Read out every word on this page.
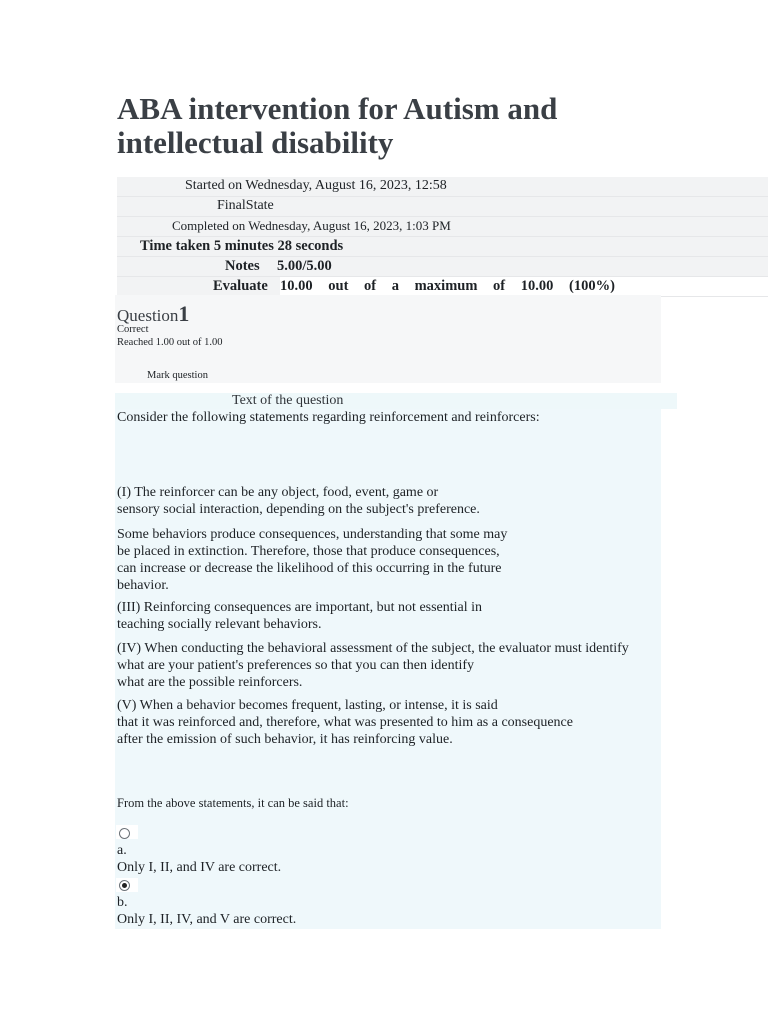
ABA intervention for Autism and intellectual disability
Started on Wednesday, August 16, 2023, 12:58
FinalState
Completed on Wednesday, August 16, 2023, 1:03 PM
Time taken 5 minutes 28 seconds
Notes 5.00/5.00
Evaluate 10.00 out of a maximum of 10.00 (100%)
Question1
Correct
Reached 1.00 out of 1.00
Mark question
Text of the question
Consider the following statements regarding reinforcement and reinforcers:
(I) The reinforcer can be any object, food, event, game or
sensory social interaction, depending on the subject's preference.
Some behaviors produce consequences, understanding that some may
be placed in extinction. Therefore, those that produce consequences,
can increase or decrease the likelihood of this occurring in the future
behavior.
(III) Reinforcing consequences are important, but not essential in
teaching socially relevant behaviors.
(IV) When conducting the behavioral assessment of the subject, the evaluator must identify
what are your patient's preferences so that you can then identify
what are the possible reinforcers.
(V) When a behavior becomes frequent, lasting, or intense, it is said
that it was reinforced and, therefore, what was presented to him as a consequence
after the emission of such behavior, it has reinforcing value.
From the above statements, it can be said that:
a.
Only I, II, and IV are correct.
b.
Only I, II, IV, and V are correct.
